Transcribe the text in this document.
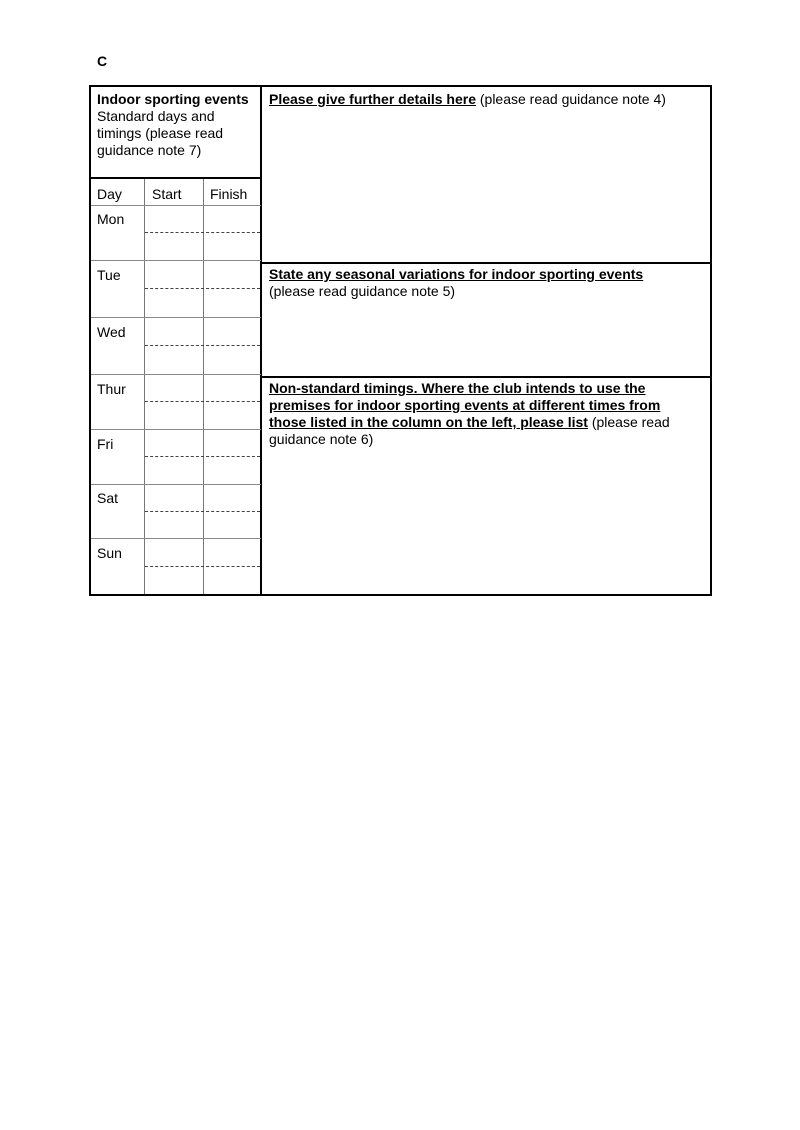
C
Indoor sporting events
Standard days and timings (please read guidance note 7)
Day Start Finish
Mon
Tue
Wed
Thur
Fri
Sat
Sun
Please give further details here (please read guidance note 4)
State any seasonal variations for indoor sporting events
(please read guidance note 5)
Non-standard timings. Where the club intends to use the premises for indoor sporting events at different times from those listed in the column on the left, please list (please read guidance note 6)
